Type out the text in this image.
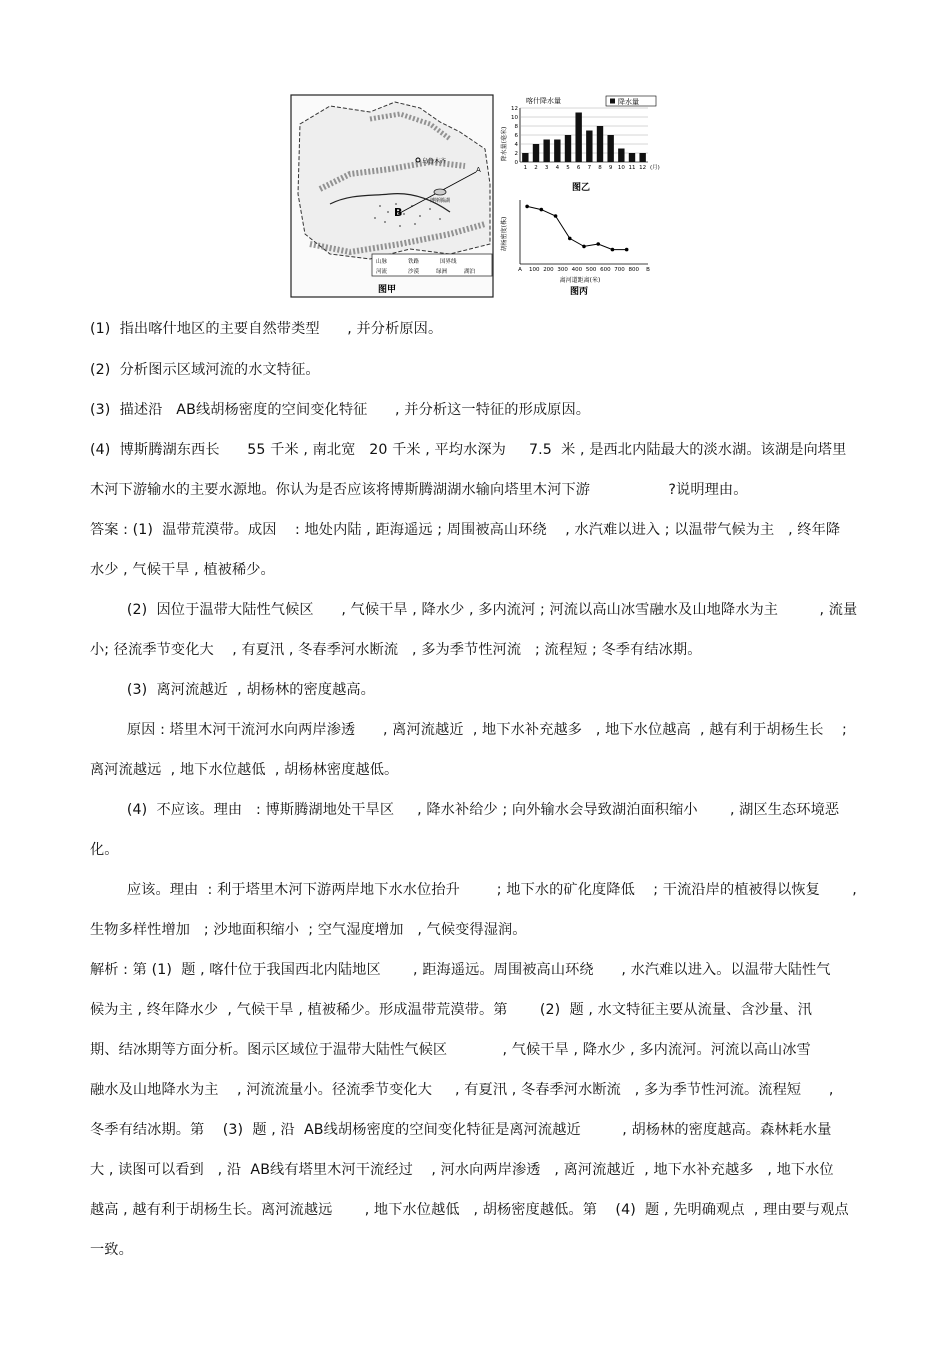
乌鲁木齐
B
A
博斯腾湖
山脉	铁路	国界线
河流	沙漠	绿洲	湖泊
图甲
喀什降水量	降水量
降水量(毫米)
0
2
4
6
8
10
12
1 2 3 4 5 6 7 8 9 10 11 12 (月)
图乙
胡杨密度(株)
A 100 200 300 400 500 600 700 800 B
离河道距离(米)
图丙
(1)  指出喀什地区的主要自然带类型      , 并分析原因。
(2)  分析图示区域河流的水文特征。
(3)  描述沿   AB线胡杨密度的空间变化特征      , 并分析这一特征的形成原因。
(4)  博斯腾湖东西长      55 千米 , 南北宽   20 千米 , 平均水深为     7.5  米 , 是西北内陆最大的淡水湖。该湖是向塔里
木河下游输水的主要水源地。你认为是否应该将博斯腾湖湖水输向塔里木河下游                 ?说明理由。
答案 : (1)  温带荒漠带。成因    : 地处内陆 , 距海遥远 ; 周围被高山环绕    , 水汽难以进入 ; 以温带气候为主   , 终年降
水少 , 气候干旱 , 植被稀少。
(2)  因位于温带大陆性气候区      , 气候干旱 , 降水少 , 多内流河 ; 河流以高山冰雪融水及山地降水为主         , 流量
小; 径流季节变化大    , 有夏汛 , 冬春季河水断流   , 多为季节性河流   ; 流程短 ; 冬季有结冰期。
(3)  离河流越近  , 胡杨林的密度越高。
原因 : 塔里木河干流河水向两岸渗透      , 离河流越近  , 地下水补充越多   , 地下水位越高  , 越有利于胡杨生长    ;
离河流越远  , 地下水位越低  , 胡杨林密度越低。
(4)  不应该。理由   : 博斯腾湖地处干旱区     , 降水补给少 ; 向外输水会导致湖泊面积缩小       , 湖区生态环境恶
化。
应该。理由  : 利于塔里木河下游两岸地下水水位抬升        ; 地下水的矿化度降低    ; 干流沿岸的植被得以恢复       ,
生物多样性增加   ; 沙地面积缩小  ; 空气湿度增加   , 气候变得湿润。
解析 : 第 (1)  题 , 喀什位于我国西北内陆地区       , 距海遥远。周围被高山环绕      , 水汽难以进入。以温带大陆性气
候为主 , 终年降水少  , 气候干旱 , 植被稀少。形成温带荒漠带。第       (2)  题 , 水文特征主要从流量、含沙量、汛
期、结冰期等方面分析。图示区域位于温带大陆性气候区            , 气候干旱 , 降水少 , 多内流河。河流以高山冰雪
融水及山地降水为主    , 河流流量小。径流季节变化大     , 有夏汛 , 冬春季河水断流   , 多为季节性河流。流程短      ,
冬季有结冰期。第    (3)  题 , 沿  AB线胡杨密度的空间变化特征是离河流越近         , 胡杨林的密度越高。森林耗水量
大 , 读图可以看到   , 沿  AB线有塔里木河干流经过    , 河水向两岸渗透   , 离河流越近  , 地下水补充越多   , 地下水位
越高 , 越有利于胡杨生长。离河流越远       , 地下水位越低   , 胡杨密度越低。第    (4)  题 , 先明确观点  , 理由要与观点
一致。
